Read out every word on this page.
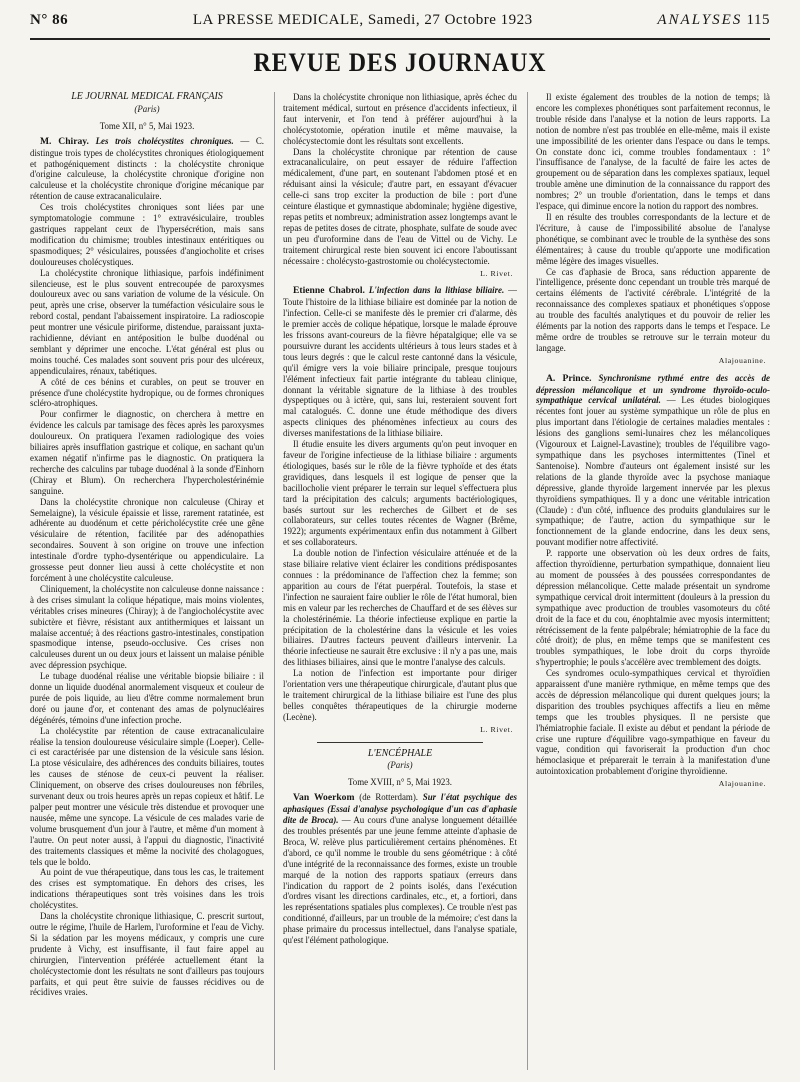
N° 86	LA PRESSE MEDICALE, Samedi, 27 Octobre 1923	ANALYSES 115
REVUE DES JOURNAUX

LE JOURNAL MEDICAL FRANÇAIS

(Paris)
Tome XII, n° 5, Mai 1923.

M. Chiray. Les trois cholécystites chroniques. — C. distingue trois types de cholécystites chroniques étiologiquement et pathogéniquement distincts : la cholécystite chronique d'origine calculeuse, la cholécystite chronique d'origine non calculeuse et la cholécystite chronique d'origine mécanique par rétention de cause extracanaliculaire.

Ces trois cholécystites chroniques sont liées par une symptomatologie commune : 1° extravésiculaire, troubles gastriques rappelant ceux de l'hypersécrétion, mais sans modification du chimisme; troubles intestinaux entéritiques ou spasmodiques; 2° vésiculaires, poussées d'angiocholite et crises douloureuses cholécystiques.

La cholécystite chronique lithiasique, parfois indéfiniment silencieuse, est le plus souvent entrecoupée de paroxysmes douloureux avec ou sans variation de volume de la vésicule. On peut, après une crise, observer la tuméfaction vésiculaire sous le rebord costal, pendant l'abaissement inspiratoire. La radioscopie peut montrer une vésicule piriforme, distendue, paraissant juxta-rachidienne, déviant en antéposition le bulbe duodénal ou semblant y déprimer une encoche. L'état général est plus ou moins touché. Ces malades sont souvent pris pour des ulcéreux, appendiculaires, rénaux, tabétiques.

A côté de ces bénins et curables, on peut se trouver en présence d'une cholécystite hydropique, ou de formes chroniques scléro-atrophiques.

Pour confirmer le diagnostic, on cherchera à mettre en évidence les calculs par tamisage des fèces après les paroxysmes douloureux. On pratiquera l'examen radiologique des voies biliaires après insufflation gastrique et colique, en sachant qu'un examen négatif n'infirme pas le diagnostic. On pratiquera la recherche des calculins par tubage duodénal à la sonde d'Einhorn (Chiray et Blum). On recherchera l'hypercholestérinémie sanguine.

Dans la cholécystite chronique non calculeuse (Chiray et Semelaigne), la vésicule épaissie et lisse, rarement ratatinée, est adhérente au duodénum et cette péricholécystite crée une gêne vésiculaire de rétention, facilitée par des adénopathies secondaires. Souvent à son origine on trouve une infection intestinale d'ordre typho-dysentérique ou appendiculaire. La grossesse peut donner lieu aussi à cette cholécystite et non forcément à une cholécystite calculeuse.

Cliniquement, la cholécystite non calculeuse donne naissance : à des crises simulant la colique hépatique, mais moins violentes, véritables crises mineures (Chiray); à de l'angiocholécystite avec subictère et fièvre, résistant aux antithermiques et laissant un malaise accentué; à des réactions gastro-intestinales, constipation spasmodique intense, pseudo-occlusive. Ces crises non calculeuses durent un ou deux jours et laissent un malaise pénible avec dépression psychique.

Le tubage duodénal réalise une véritable biopsie biliaire : il donne un liquide duodénal anormalement visqueux et couleur de purée de pois liquide, au lieu d'être comme normalement brun doré ou jaune d'or, et contenant des amas de polynucléaires dégénérés, témoins d'une infection proche.

La cholécystite par rétention de cause extracanaliculaire réalise la tension douloureuse vésiculaire simple (Loeper). Celle-ci est caractérisée par une distension de la vésicule sans lésion. La ptose vésiculaire, des adhérences des conduits biliaires, toutes les causes de sténose de ceux-ci peuvent la réaliser. Cliniquement, on observe des crises douloureuses non fébriles, survenant deux ou trois heures après un repas copieux et hâtif. Le palper peut montrer une vésicule très distendue et provoquer une nausée, même une syncope. La vésicule de ces malades varie de volume brusquement d'un jour à l'autre, et même d'un moment à l'autre. On peut noter aussi, à l'appui du diagnostic, l'inactivité des traitements classiques et même la nocivité des cholagogues, tels que le boldo.

Au point de vue thérapeutique, dans tous les cas, le traitement des crises est symptomatique. En dehors des crises, les indications thérapeutiques sont très voisines dans les trois cholécystites.

Dans la cholécystite chronique lithiasique, C. prescrit surtout, outre le régime, l'huile de Harlem, l'uroformine et l'eau de Vichy. Si la sédation par les moyens médicaux, y compris une cure prudente à Vichy, est insuffisante, il faut faire appel au chirurgien, l'intervention préférée actuellement étant la cholécystectomie dont les résultats ne sont d'ailleurs pas toujours parfaits, et qui peut être suivie de fausses récidives ou de récidives vraies.

Dans la cholécystite chronique non lithiasique, après échec du traitement médical, surtout en présence d'accidents infectieux, il faut intervenir, et l'on tend à préférer aujourd'hui à la cholécystotomie, opération inutile et même mauvaise, la cholécystectomie dont les résultats sont excellents.

Dans la cholécystite chronique par rétention de cause extracanaliculaire, on peut essayer de réduire l'affection médicalement, d'une part, en soutenant l'abdomen ptosé et en réduisant ainsi la vésicule; d'autre part, en essayant d'évacuer celle-ci sans trop exciter la production de bile : port d'une ceinture élastique et gymnastique abdominale; hygiène digestive, repas petits et nombreux; administration assez longtemps avant le repas de petites doses de citrate, phosphate, sulfate de soude avec un peu d'uroformine dans de l'eau de Vittel ou de Vichy. Le traitement chirurgical reste bien souvent ici encore l'aboutissant nécessaire : cholécysto-gastrostomie ou cholécystectomie.

L. Rivet.

Etienne Chabrol. L'infection dans la lithiase biliaire. — Toute l'histoire de la lithiase biliaire est dominée par la notion de l'infection. Celle-ci se manifeste dès le premier cri d'alarme, dès le premier accès de colique hépatique, lorsque le malade éprouve les frissons avant-coureurs de la fièvre hépatalgique; elle va se poursuivre durant les accidents ultérieurs à tous leurs stades et à tous leurs degrés : que le calcul reste cantonné dans la vésicule, qu'il émigre vers la voie biliaire principale, presque toujours l'élément infectieux fait partie intégrante du tableau clinique, donnant la véritable signature de la lithiase à des troubles dyspeptiques ou à ictère, qui, sans lui, resteraient souvent fort mal catalogués. C. donne une étude méthodique des divers aspects cliniques des phénomènes infectieux au cours des diverses manifestations de la lithiase biliaire.

Il étudie ensuite les divers arguments qu'on peut invoquer en faveur de l'origine infectieuse de la lithiase biliaire : arguments étiologiques, basés sur le rôle de la fièvre typhoïde et des états gravidiques, dans lesquels il est logique de penser que la bacillocholie vient préparer le terrain sur lequel s'effectuera plus tard la précipitation des calculs; arguments bactériologiques, basés surtout sur les recherches de Gilbert et de ses collaborateurs, sur celles toutes récentes de Wagner (Brême, 1922); arguments expérimentaux enfin dus notamment à Gilbert et ses collaborateurs.

La double notion de l'infection vésiculaire atténuée et de la stase biliaire relative vient éclairer les conditions prédisposantes connues : la prédominance de l'affection chez la femme; son apparition au cours de l'état puerpéral. Toutefois, la stase et l'infection ne sauraient faire oublier le rôle de l'état humoral, bien mis en valeur par les recherches de Chauffard et de ses élèves sur la cholestérinémie. La théorie infectieuse explique en partie la précipitation de la cholestérine dans la vésicule et les voies biliaires. D'autres facteurs peuvent d'ailleurs intervenir. La théorie infectieuse ne saurait être exclusive : il n'y a pas une, mais des lithiases biliaires, ainsi que le montre l'analyse des calculs.

La notion de l'infection est importante pour diriger l'orientation vers une thérapeutique chirurgicale, d'autant plus que le traitement chirurgical de la lithiase biliaire est l'une des plus belles conquêtes thérapeutiques de la chirurgie moderne (Lecène).

L. Rivet.

L'ENCÉPHALE

(Paris)
Tome XVIII, n° 5, Mai 1923.

Van Woerkom (de Rotterdam). Sur l'état psychique des aphasiques (Essai d'analyse psychologique d'un cas d'aphasie dite de Broca). — Au cours d'une analyse longuement détaillée des troubles présentés par une jeune femme atteinte d'aphasie de Broca, W. relève plus particulièrement certains phénomènes. Et d'abord, ce qu'il nomme le trouble du sens géométrique : à côté d'une intégrité de la reconnaissance des formes, existe un trouble marqué de la notion des rapports spatiaux (erreurs dans l'indication du rapport de 2 points isolés, dans l'exécution d'ordres visant les directions cardinales, etc., et, a fortiori, dans les représentations spatiales plus complexes). Ce trouble n'est pas conditionné, d'ailleurs, par un trouble de la mémoire; c'est dans la phase primaire du processus intellectuel, dans l'analyse spatiale, qu'est l'élément pathologique.

Il existe également des troubles de la notion de temps; là encore les complexes phonétiques sont parfaitement reconnus, le trouble réside dans l'analyse et la notion de leurs rapports. La notion de nombre n'est pas troublée en elle-même, mais il existe une impossibilité de les orienter dans l'espace ou dans le temps. On constate donc ici, comme troubles fondamentaux : 1° l'insuffisance de l'analyse, de la faculté de faire les actes de groupement ou de séparation dans les complexes spatiaux, lequel trouble amène une diminution de la connaissance du rapport des nombres; 2° un trouble d'orientation, dans le temps et dans l'espace, qui diminue encore la notion du rapport des nombres.

Il en résulte des troubles correspondants de la lecture et de l'écriture, à cause de l'impossibilité absolue de l'analyse phonétique, se combinant avec le trouble de la synthèse des sons élémentaires; à cause du trouble qu'apporte une modification même légère des images visuelles.

Ce cas d'aphasie de Broca, sans réduction apparente de l'intelligence, présente donc cependant un trouble très marqué de certains éléments de l'activité cérébrale. L'intégrité de la reconnaissance des complexes spatiaux et phonétiques s'oppose au trouble des facultés analytiques et du pouvoir de relier les éléments par la notion des rapports dans le temps et l'espace. Le même ordre de troubles se retrouve sur le terrain moteur du langage.

Alajouanine.

A. Prince. Synchronisme rythmé entre des accès de dépression mélancolique et un syndrome thyroïdo-oculo-sympathique cervical unilatéral. — Les études biologiques récentes font jouer au système sympathique un rôle de plus en plus important dans l'étiologie de certaines maladies mentales : lésions des ganglions semi-lunaires chez les mélancoliques (Vigouroux et Laignel-Lavastine); troubles de l'équilibre vago-sympathique dans les psychoses intermittentes (Tinel et Santenoise). Nombre d'auteurs ont également insisté sur les relations de la glande thyroïde avec la psychose maniaque dépressive, glande thyroïde largement innervée par les plexus thyroïdiens sympathiques. Il y a donc une véritable intrication (Claude) : d'un côté, influence des produits glandulaires sur le sympathique; de l'autre, action du sympathique sur le fonctionnement de la glande endocrine, dans les deux sens, pouvant modifier notre affectivité.

P. rapporte une observation où les deux ordres de faits, affection thyroïdienne, perturbation sympathique, donnaient lieu au moment de poussées à des poussées correspondantes de dépression mélancolique. Cette malade présentait un syndrome sympathique cervical droit intermittent (douleurs à la pression du sympathique avec production de troubles vasomoteurs du côté droit de la face et du cou, énophtalmie avec myosis intermittent; rétrécissement de la fente palpébrale; hémiatrophie de la face du côté droit); de plus, en même temps que se manifestent ces troubles sympathiques, le lobe droit du corps thyroïde s'hypertrophie; le pouls s'accélère avec tremblement des doigts.

Ces syndromes oculo-sympathiques cervical et thyroïdien apparaissent d'une manière rythmique, en même temps que des accès de dépression mélancolique qui durent quelques jours; la disparition des troubles psychiques affectifs a lieu en même temps que les troubles physiques. Il ne persiste que l'hémiatrophie faciale. Il existe au début et pendant la période de crise une rupture d'équilibre vago-sympathique en faveur du vague, condition qui favoriserait la production d'un choc hémoclasique et préparerait le terrain à la manifestation d'une autointoxication probablement d'origine thyroïdienne.

Alajouanine.
